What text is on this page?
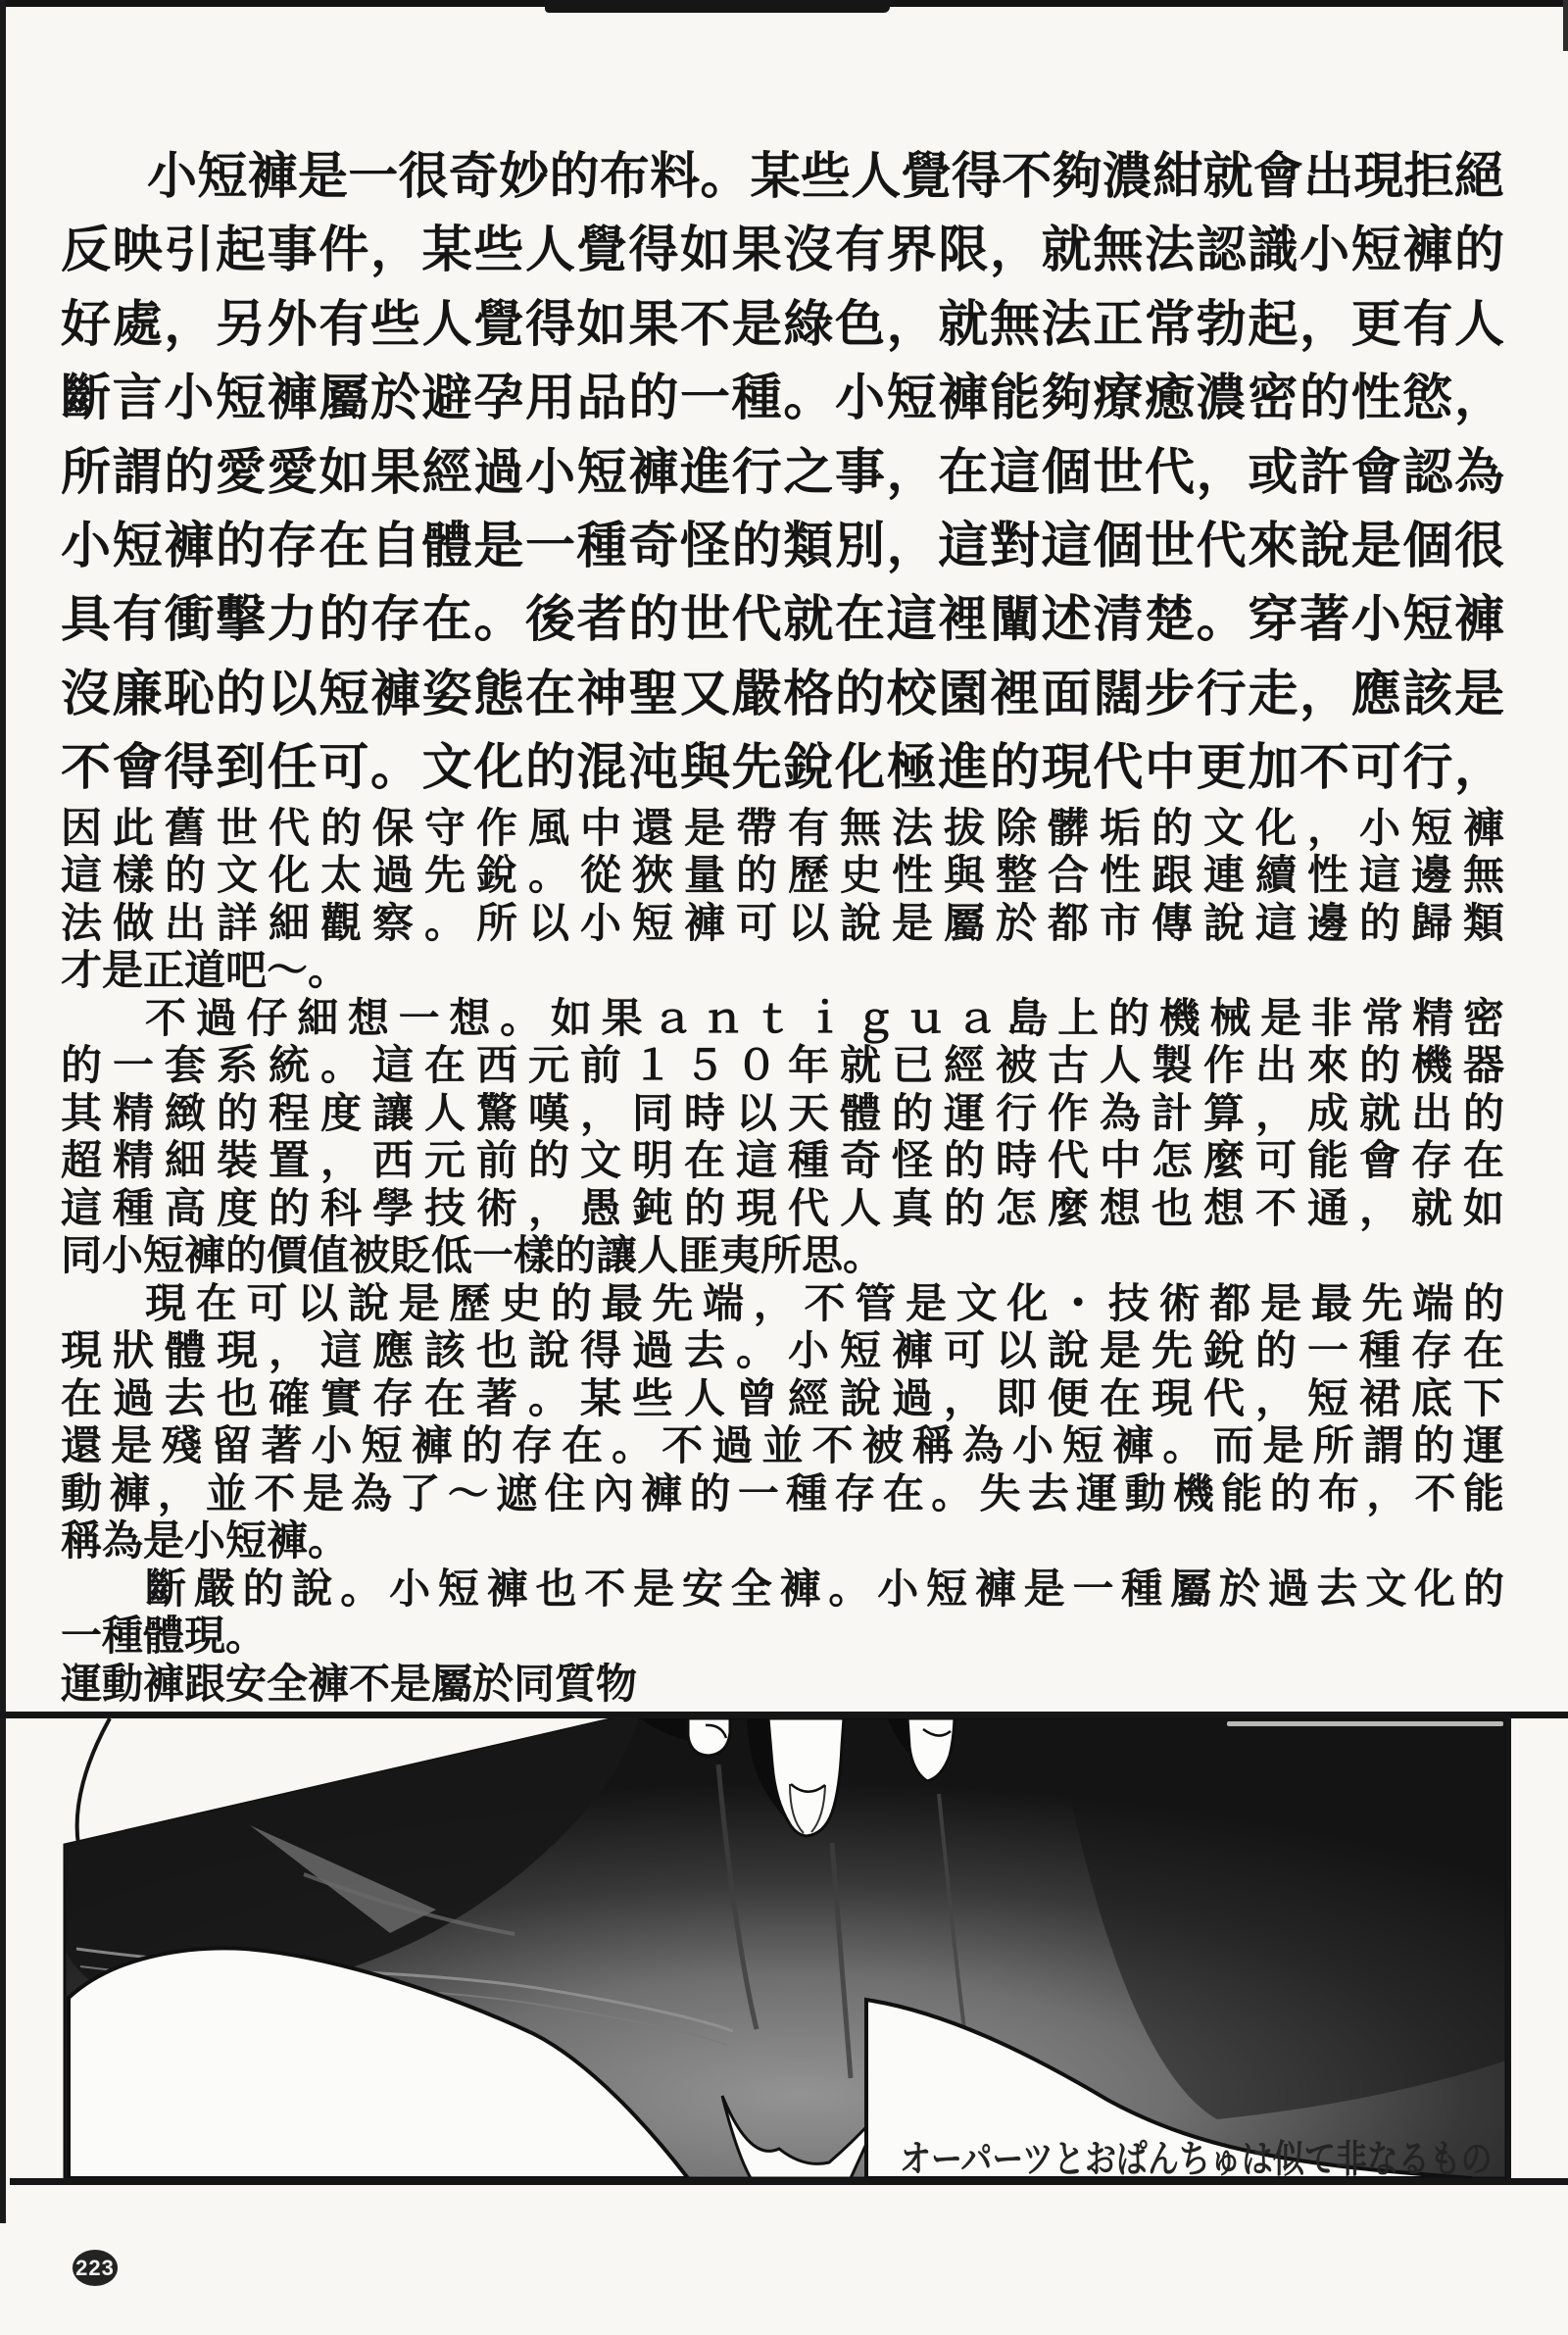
小短褲是一很奇妙的布料。某些人覺得不夠濃紺就會出現拒絕
反映引起事件，某些人覺得如果沒有界限，就無法認識小短褲的
好處，另外有些人覺得如果不是綠色，就無法正常勃起，更有人
斷言小短褲屬於避孕用品的一種。小短褲能夠療癒濃密的性慾，
所謂的愛愛如果經過小短褲進行之事，在這個世代，或許會認為
小短褲的存在自體是一種奇怪的類別，這對這個世代來說是個很
具有衝擊力的存在。後者的世代就在這裡闡述清楚。穿著小短褲
沒廉恥的以短褲姿態在神聖又嚴格的校園裡面闊步行走，應該是
不會得到任可。文化的混沌與先銳化極進的現代中更加不可行，
因此舊世代的保守作風中還是帶有無法拔除髒垢的文化，小短褲
這樣的文化太過先銳。從狹量的歷史性與整合性跟連續性這邊無
法做出詳細觀察。所以小短褲可以說是屬於都市傳說這邊的歸類
才是正道吧～。
不過仔細想一想。如果ａｎｔｉｇｕａ島上的機械是非常精密
的一套系統。這在西元前１５０年就已經被古人製作出來的機器
其精緻的程度讓人驚嘆，同時以天體的運行作為計算，成就出的
超精細裝置，西元前的文明在這種奇怪的時代中怎麼可能會存在
這種高度的科學技術，愚鈍的現代人真的怎麼想也想不通，就如
同小短褲的價值被貶低一樣的讓人匪夷所思。
現在可以說是歷史的最先端，不管是文化・技術都是最先端的
現狀體現，這應該也說得過去。小短褲可以說是先銳的一種存在
在過去也確實存在著。某些人曾經說過，即便在現代，短裙底下
還是殘留著小短褲的存在。不過並不被稱為小短褲。而是所謂的運
動褲，並不是為了～遮住內褲的一種存在。失去運動機能的布，不能
稱為是小短褲。
斷嚴的說。小短褲也不是安全褲。小短褲是一種屬於過去文化的
一種體現。
運動褲跟安全褲不是屬於同質物
オーパーツとおぱんちゅは似て非なるもの
223
